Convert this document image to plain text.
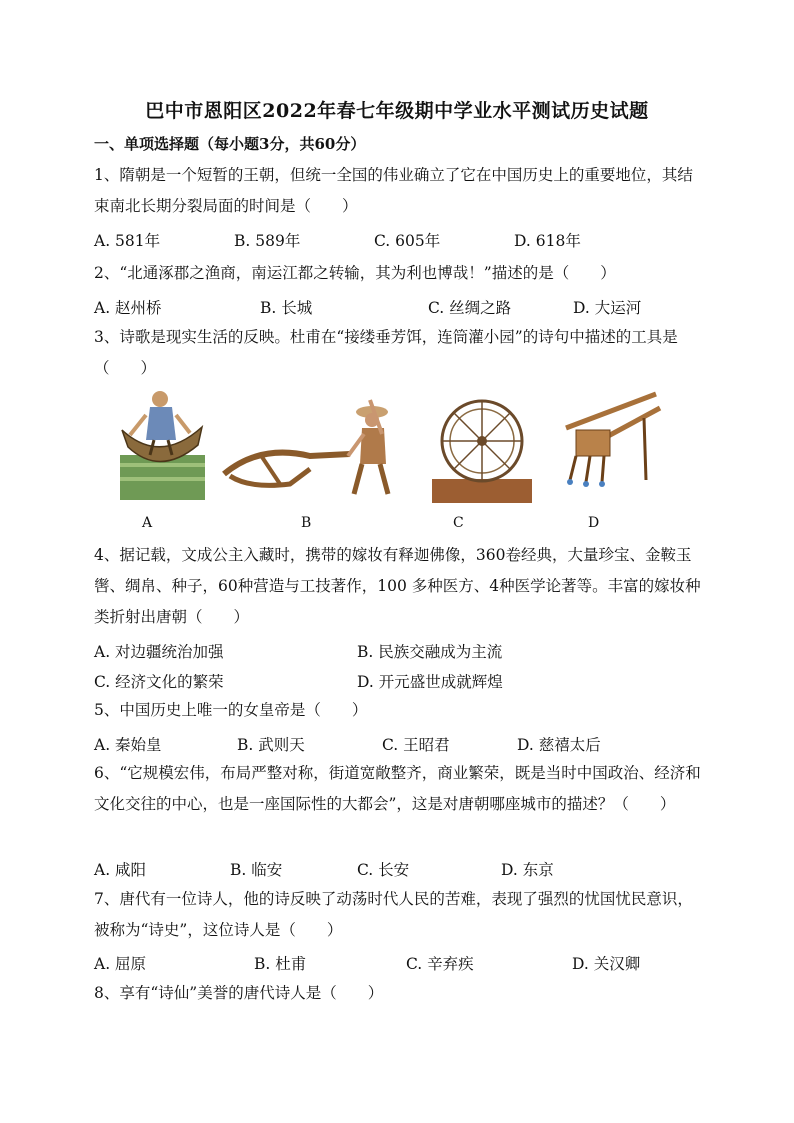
巴中市恩阳区2022年春七年级期中学业水平测试历史试题
一、单项选择题（每小题3分，共60分）
1、隋朝是一个短暂的王朝，但统一全国的伟业确立了它在中国历史上的重要地位，其结束南北长期分裂局面的时间是（　　）
A. 581年	B. 589年	C. 605年	D. 618年
2、“北通涿郡之渔商，南运江都之转输，其为利也博哉！”描述的是（　　）
A. 赵州桥	B. 长城	C. 丝绸之路	D. 大运河
3、诗歌是现实生活的反映。杜甫在“接缕垂芳饵，连筒灌小园”的诗句中描述的工具是（　　）
A	B	C	D
4、据记载，文成公主入藏时，携带的嫁妆有释迦佛像，360卷经典，大量珍宝、金鞍玉辔、绸帛、种子，60种营造与工技著作，100 多种医方、4种医学论著等。丰富的嫁妆种类折射出唐朝（　　）
A. 对边疆统治加强	B. 民族交融成为主流
C. 经济文化的繁荣	D. 开元盛世成就辉煌
5、中国历史上唯一的女皇帝是（　　）
A. 秦始皇	B. 武则天	C. 王昭君	D. 慈禧太后
6、“它规模宏伟，布局严整对称，街道宽敞整齐，商业繁荣，既是当时中国政治、经济和文化交往的中心，也是一座国际性的大都会”，这是对唐朝哪座城市的描述？（　　）
A. 咸阳	B. 临安	C. 长安	D. 东京
7、唐代有一位诗人，他的诗反映了动荡时代人民的苦难，表现了强烈的忧国忧民意识，被称为“诗史”，这位诗人是（　　）
A. 屈原	B. 杜甫	C. 辛弃疾	D. 关汉卿
8、享有“诗仙”美誉的唐代诗人是（　　）
